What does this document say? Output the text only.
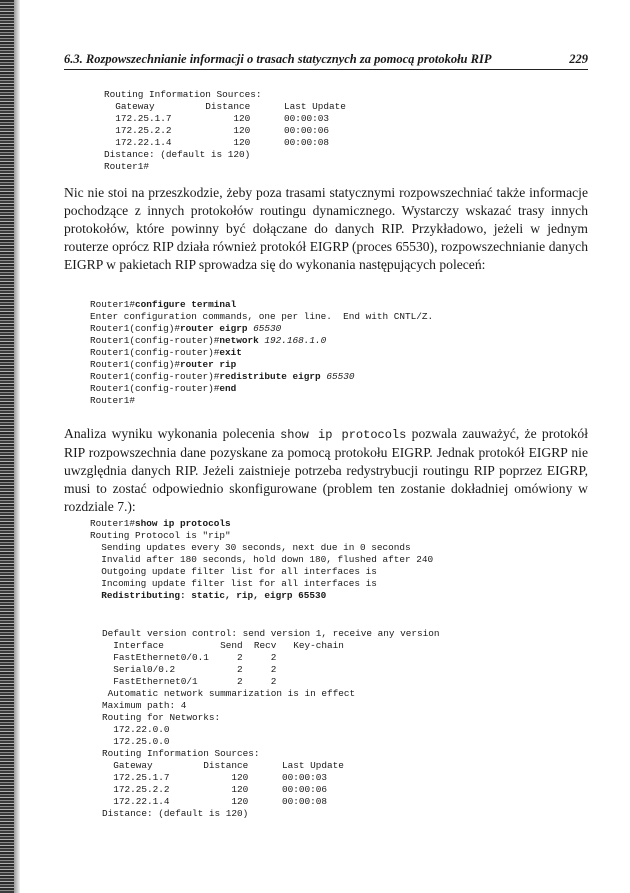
6.3. Rozpowszechnianie informacji o trasach statycznych za pomocą protokołu RIP	229
Routing Information Sources:
Gateway         Distance      Last Update
172.25.1.7           120      00:00:03
172.25.2.2           120      00:00:06
172.22.1.4           120      00:00:08
Distance: (default is 120)
Router1#

Nic nie stoi na przeszkodzie, żeby poza trasami statycznymi rozpowszechniać także informacje pochodzące z innych protokołów routingu dynamicznego. Wystarczy wskazać trasy innych protokołów, które powinny być dołączane do danych RIP. Przykładowo, jeżeli w jednym routerze oprócz RIP działa również protokół EIGRP (proces 65530), rozpowszechnianie danych EIGRP w pakietach RIP sprowadza się do wykonania następujących poleceń:

Router1#configure terminal
Enter configuration commands, one per line.  End with CNTL/Z.
Router1(config)#router eigrp 65530
Router1(config-router)#network 192.168.1.0
Router1(config-router)#exit
Router1(config)#router rip
Router1(config-router)#redistribute eigrp 65530
Router1(config-router)#end
Router1#

Analiza wyniku wykonania polecenia show ip protocols pozwala zauważyć, że protokół RIP rozpowszechnia dane pozyskane za pomocą protokołu EIGRP. Jednak protokół EIGRP nie uwzględnia danych RIP. Jeżeli zaistnieje potrzeba redystrybucji routingu RIP poprzez EIGRP, musi to zostać odpowiednio skonfigurowane (problem ten zostanie dokładniej omówiony w rozdziale 7.):

Router1#show ip protocols
Routing Protocol is "rip"
Sending updates every 30 seconds, next due in 0 seconds
Invalid after 180 seconds, hold down 180, flushed after 240
Outgoing update filter list for all interfaces is
Incoming update filter list for all interfaces is
Redistributing: static, rip, eigrp 65530
Default version control: send version 1, receive any version
Interface          Send  Recv   Key-chain
FastEthernet0/0.1     2     2
Serial0/0.2           2     2
FastEthernet0/1       2     2
Automatic network summarization is in effect
Maximum path: 4
Routing for Networks:
172.22.0.0
172.25.0.0
Routing Information Sources:
Gateway         Distance      Last Update
172.25.1.7           120      00:00:03
172.25.2.2           120      00:00:06
172.22.1.4           120      00:00:08
Distance: (default is 120)
